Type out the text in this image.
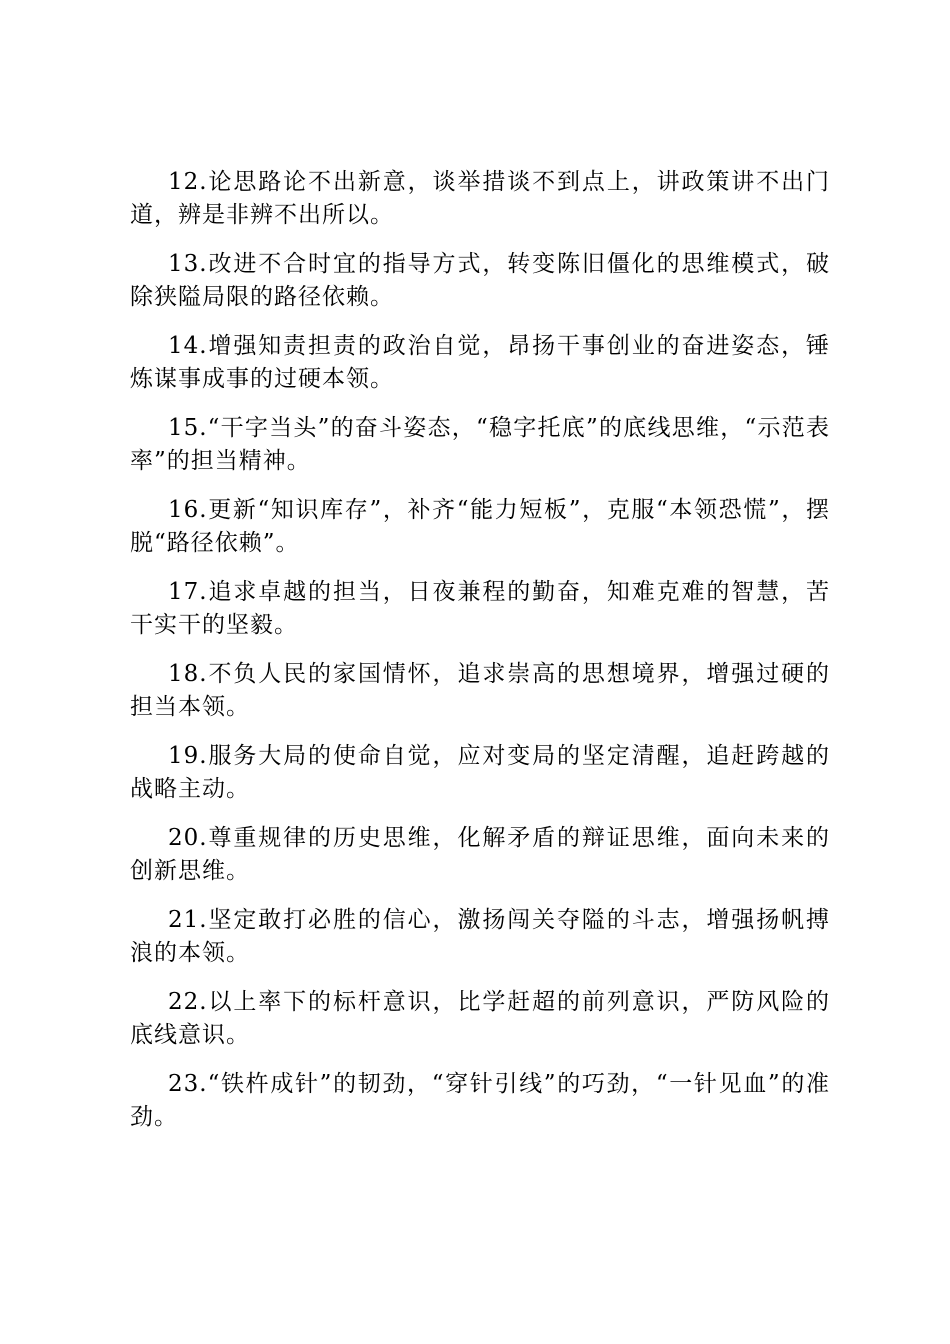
12.论思路论不出新意，谈举措谈不到点上，讲政策讲不出门道，辨是非辨不出所以。

13.改进不合时宜的指导方式，转变陈旧僵化的思维模式，破除狭隘局限的路径依赖。

14.增强知责担责的政治自觉，昂扬干事创业的奋进姿态，锤炼谋事成事的过硬本领。

15.“干字当头”的奋斗姿态，“稳字托底”的底线思维，“示范表率”的担当精神。

16.更新“知识库存”，补齐“能力短板”，克服“本领恐慌”，摆脱“路径依赖”。

17.追求卓越的担当，日夜兼程的勤奋，知难克难的智慧，苦干实干的坚毅。

18.不负人民的家国情怀，追求崇高的思想境界，增强过硬的担当本领。

19.服务大局的使命自觉，应对变局的坚定清醒，追赶跨越的战略主动。

20.尊重规律的历史思维，化解矛盾的辩证思维，面向未来的创新思维。

21.坚定敢打必胜的信心，激扬闯关夺隘的斗志，增强扬帆搏浪的本领。

22.以上率下的标杆意识，比学赶超的前列意识，严防风险的底线意识。

23.“铁杵成针”的韧劲，“穿针引线”的巧劲，“一针见血”的准劲。
